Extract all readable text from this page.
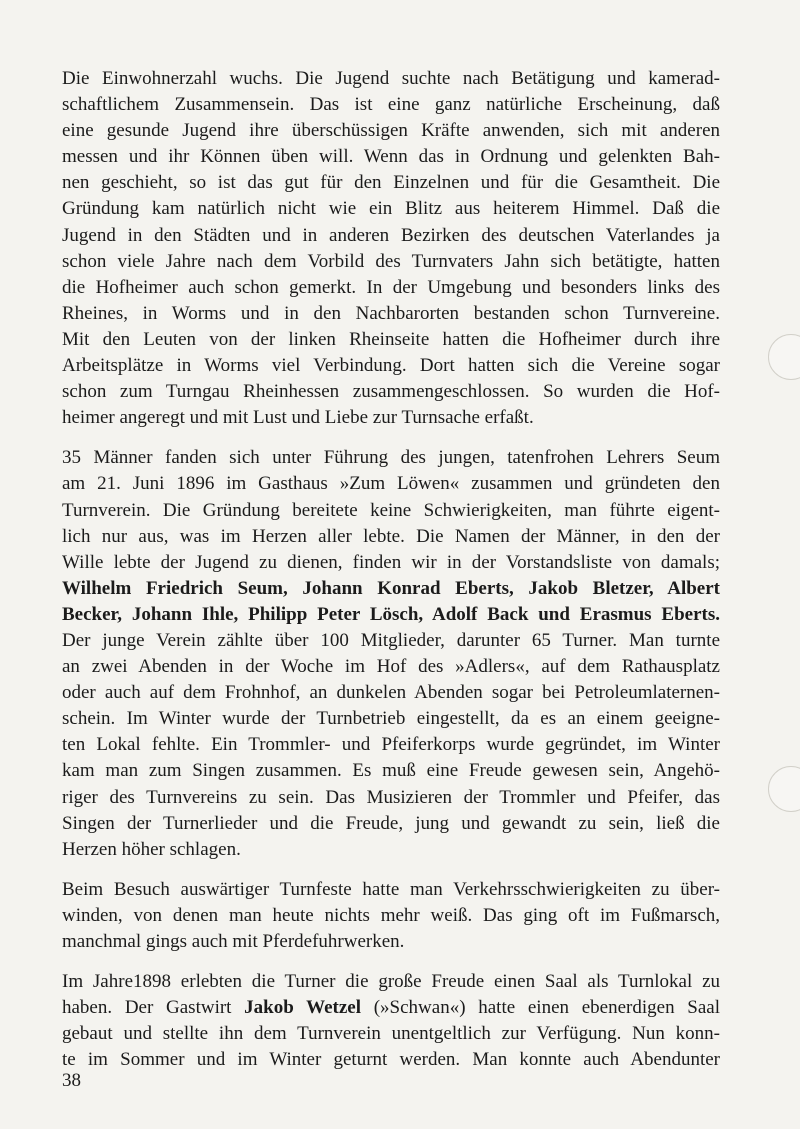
Die Einwohnerzahl wuchs. Die Jugend suchte nach Betätigung und kamerad-
schaftlichem Zusammensein. Das ist eine ganz natürliche Erscheinung, daß
eine gesunde Jugend ihre überschüssigen Kräfte anwenden, sich mit anderen
messen und ihr Können üben will. Wenn das in Ordnung und gelenkten Bah-
nen geschieht, so ist das gut für den Einzelnen und für die Gesamtheit. Die
Gründung kam natürlich nicht wie ein Blitz aus heiterem Himmel. Daß die
Jugend in den Städten und in anderen Bezirken des deutschen Vaterlandes ja
schon viele Jahre nach dem Vorbild des Turnvaters Jahn sich betätigte, hatten
die Hofheimer auch schon gemerkt. In der Umgebung und besonders links des
Rheines, in Worms und in den Nachbarorten bestanden schon Turnvereine.
Mit den Leuten von der linken Rheinseite hatten die Hofheimer durch ihre
Arbeitsplätze in Worms viel Verbindung. Dort hatten sich die Vereine sogar
schon zum Turngau Rheinhessen zusammengeschlossen. So wurden die Hof-
heimer angeregt und mit Lust und Liebe zur Turnsache erfaßt.
35 Männer fanden sich unter Führung des jungen, tatenfrohen Lehrers Seum
am 21. Juni 1896 im Gasthaus »Zum Löwen« zusammen und gründeten den
Turnverein. Die Gründung bereitete keine Schwierigkeiten, man führte eigent-
lich nur aus, was im Herzen aller lebte. Die Namen der Männer, in den der
Wille lebte der Jugend zu dienen, finden wir in der Vorstandsliste von damals;
Wilhelm Friedrich Seum, Johann Konrad Eberts, Jakob Bletzer, Albert
Becker, Johann Ihle, Philipp Peter Lösch, Adolf Back und Erasmus Eberts.
Der junge Verein zählte über 100 Mitglieder, darunter 65 Turner. Man turnte
an zwei Abenden in der Woche im Hof des »Adlers«, auf dem Rathausplatz
oder auch auf dem Frohnhof, an dunkelen Abenden sogar bei Petroleumlaternen-
schein. Im Winter wurde der Turnbetrieb eingestellt, da es an einem geeigne-
ten Lokal fehlte. Ein Trommler- und Pfeiferkorps wurde gegründet, im Winter
kam man zum Singen zusammen. Es muß eine Freude gewesen sein, Angehö-
riger des Turnvereins zu sein. Das Musizieren der Trommler und Pfeifer, das
Singen der Turnerlieder und die Freude, jung und gewandt zu sein, ließ die
Herzen höher schlagen.
Beim Besuch auswärtiger Turnfeste hatte man Verkehrsschwierigkeiten zu über-
winden, von denen man heute nichts mehr weiß. Das ging oft im Fußmarsch,
manchmal gings auch mit Pferdefuhrwerken.
Im Jahre1898 erlebten die Turner die große Freude einen Saal als Turnlokal zu
haben. Der Gastwirt Jakob Wetzel (»Schwan«) hatte einen ebenerdigen Saal
gebaut und stellte ihn dem Turnverein unentgeltlich zur Verfügung. Nun konn-
te im Sommer und im Winter geturnt werden. Man konnte auch Abendunter
38
